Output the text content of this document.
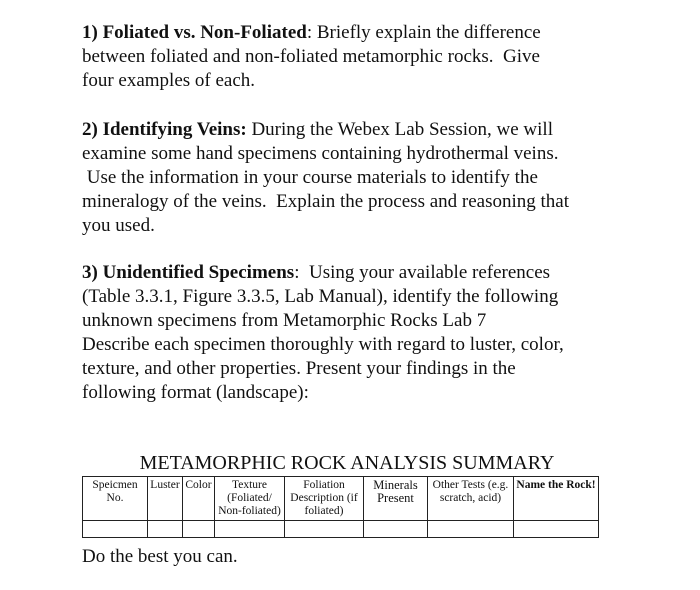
1) Foliated vs. Non-Foliated: Briefly explain the difference
between foliated and non-foliated metamorphic rocks.  Give
four examples of each.
2) Identifying Veins: During the Webex Lab Session, we will
examine some hand specimens containing hydrothermal veins.
Use the information in your course materials to identify the
mineralogy of the veins.  Explain the process and reasoning that
you used.
3) Unidentified Specimens:  Using your available references
(Table 3.3.1, Figure 3.3.5, Lab Manual), identify the following
unknown specimens from Metamorphic Rocks Lab 7
Describe each specimen thoroughly with regard to luster, color,
texture, and other properties. Present your findings in the
following format (landscape):
METAMORPHIC ROCK ANALYSIS SUMMARY
Speicmen No.	Luster	Color	Texture (Foliated/ Non-foliated)	Foliation Description (if foliated)	Minerals Present	Other Tests (e.g. scratch, acid)	Name the Rock!

Do the best you can.
